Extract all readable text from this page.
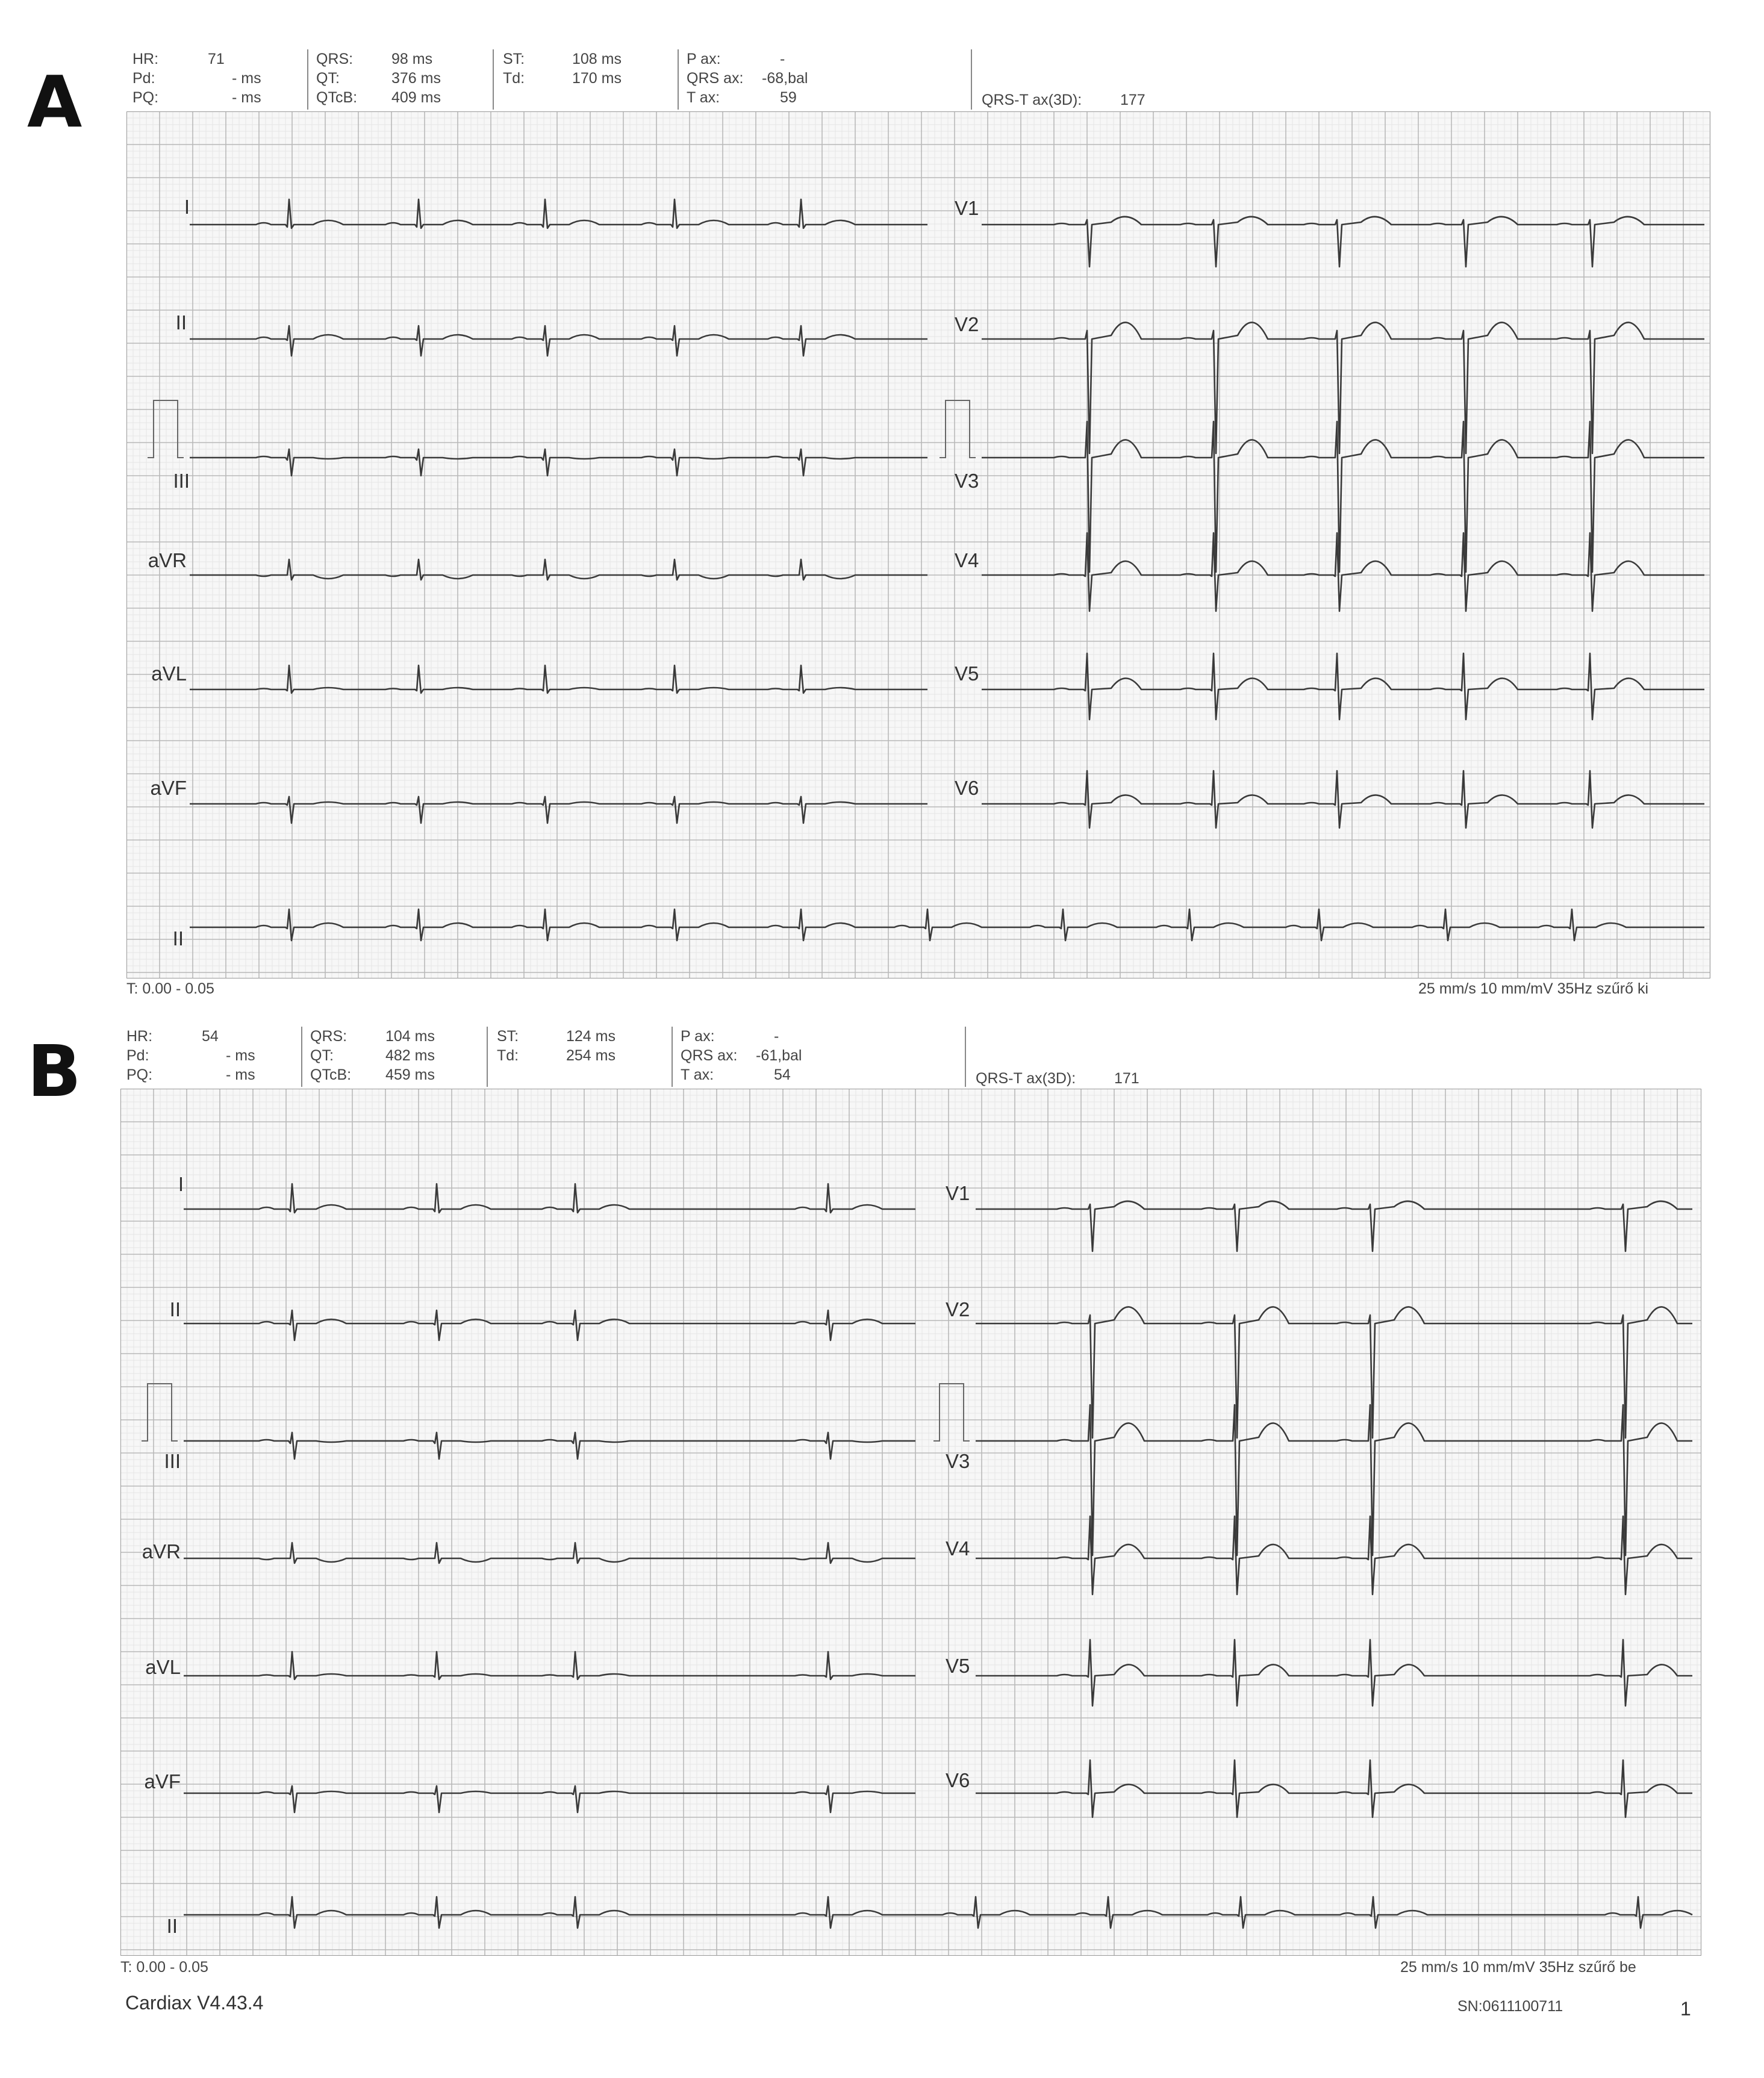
A
HR:	71
Pd:	- ms
PQ:	- ms
QRS:	98 ms
QT:	376 ms
QTcB: 409 ms
ST:	108 ms
Td:	170 ms
P ax:	-
QRS ax: -68,bal
T ax:	59	QRS-T ax(3D):	177
I	V1
II	V2
III	V3
aVR	V4
aVL	V5
aVF	V6
II
T: 0.00 - 0.05	25 mm/s 10 mm/mV 35Hz szűrő ki
B	HR:	54
Pd:	- ms
PQ:	- ms
QRS:	104 ms
QT:	482 ms
QTcB: 459 ms
ST:	124 ms
Td:	254 ms
P ax:	-
QRS ax: -61,bal
T ax:	54	QRS-T ax(3D):	171
I	V1
II	V2
III	V3
aVR	V4
aVL	V5
aVF	V6
II
T: 0.00 - 0.05	25 mm/s 10 mm/mV 35Hz szűrő be
Cardiax V4.43.4	SN:0611100711	1
